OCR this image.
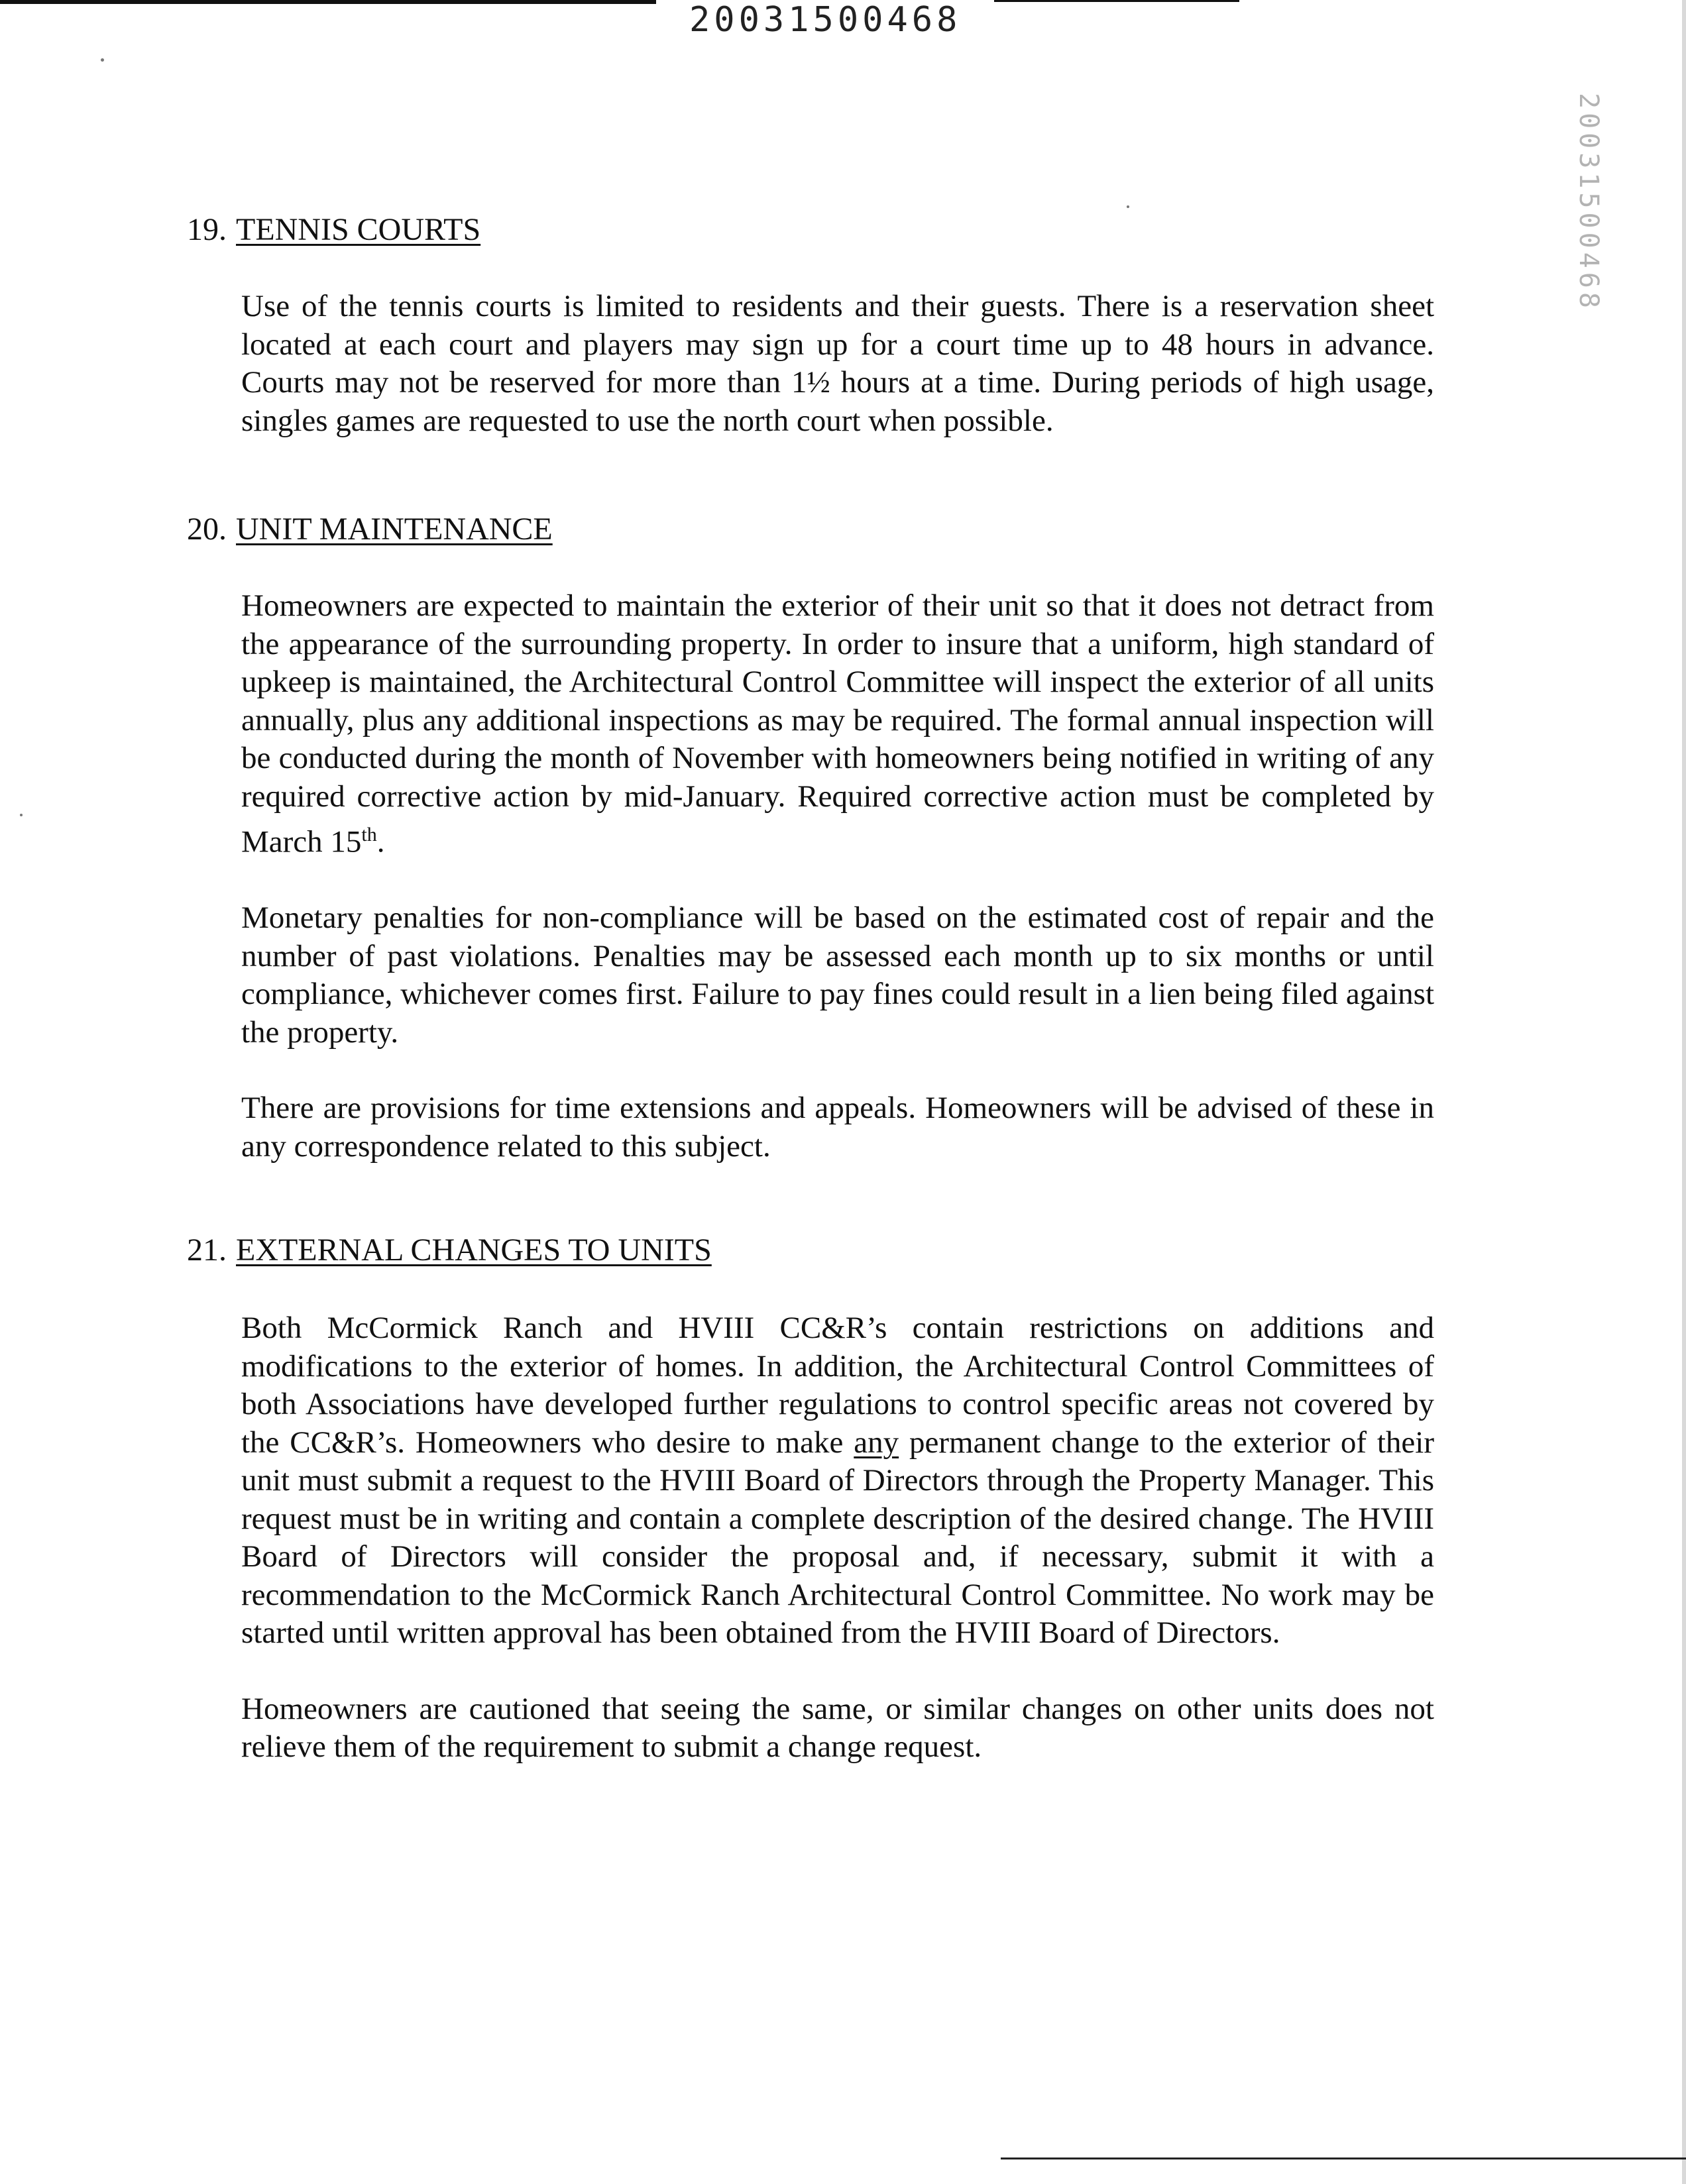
20031500468
20031500468
19. TENNIS COURTS

Use of the tennis courts is limited to residents and their guests. There is a reservation sheet located at each court and players may sign up for a court time up to 48 hours in advance. Courts may not be reserved for more than 1½ hours at a time. During periods of high usage, singles games are requested to use the north court when possible.

20. UNIT MAINTENANCE

Homeowners are expected to maintain the exterior of their unit so that it does not detract from the appearance of the surrounding property. In order to insure that a uniform, high standard of upkeep is maintained, the Architectural Control Committee will inspect the exterior of all units annually, plus any additional inspections as may be required. The formal annual inspection will be conducted during the month of November with homeowners being notified in writing of any required corrective action by mid-January. Required corrective action must be completed by March 15th.

Monetary penalties for non-compliance will be based on the estimated cost of repair and the number of past violations. Penalties may be assessed each month up to six months or until compliance, whichever comes first. Failure to pay fines could result in a lien being filed against the property.

There are provisions for time extensions and appeals. Homeowners will be advised of these in any correspondence related to this subject.

21. EXTERNAL CHANGES TO UNITS

Both McCormick Ranch and HVIII CC&R’s contain restrictions on additions and modifications to the exterior of homes. In addition, the Architectural Control Committees of both Associations have developed further regulations to control specific areas not covered by the CC&R’s. Homeowners who desire to make any permanent change to the exterior of their unit must submit a request to the HVIII Board of Directors through the Property Manager. This request must be in writing and contain a complete description of the desired change. The HVIII Board of Directors will consider the proposal and, if necessary, submit it with a recommendation to the McCormick Ranch Architectural Control Committee. No work may be started until written approval has been obtained from the HVIII Board of Directors.

Homeowners are cautioned that seeing the same, or similar changes on other units does not relieve them of the requirement to submit a change request.
